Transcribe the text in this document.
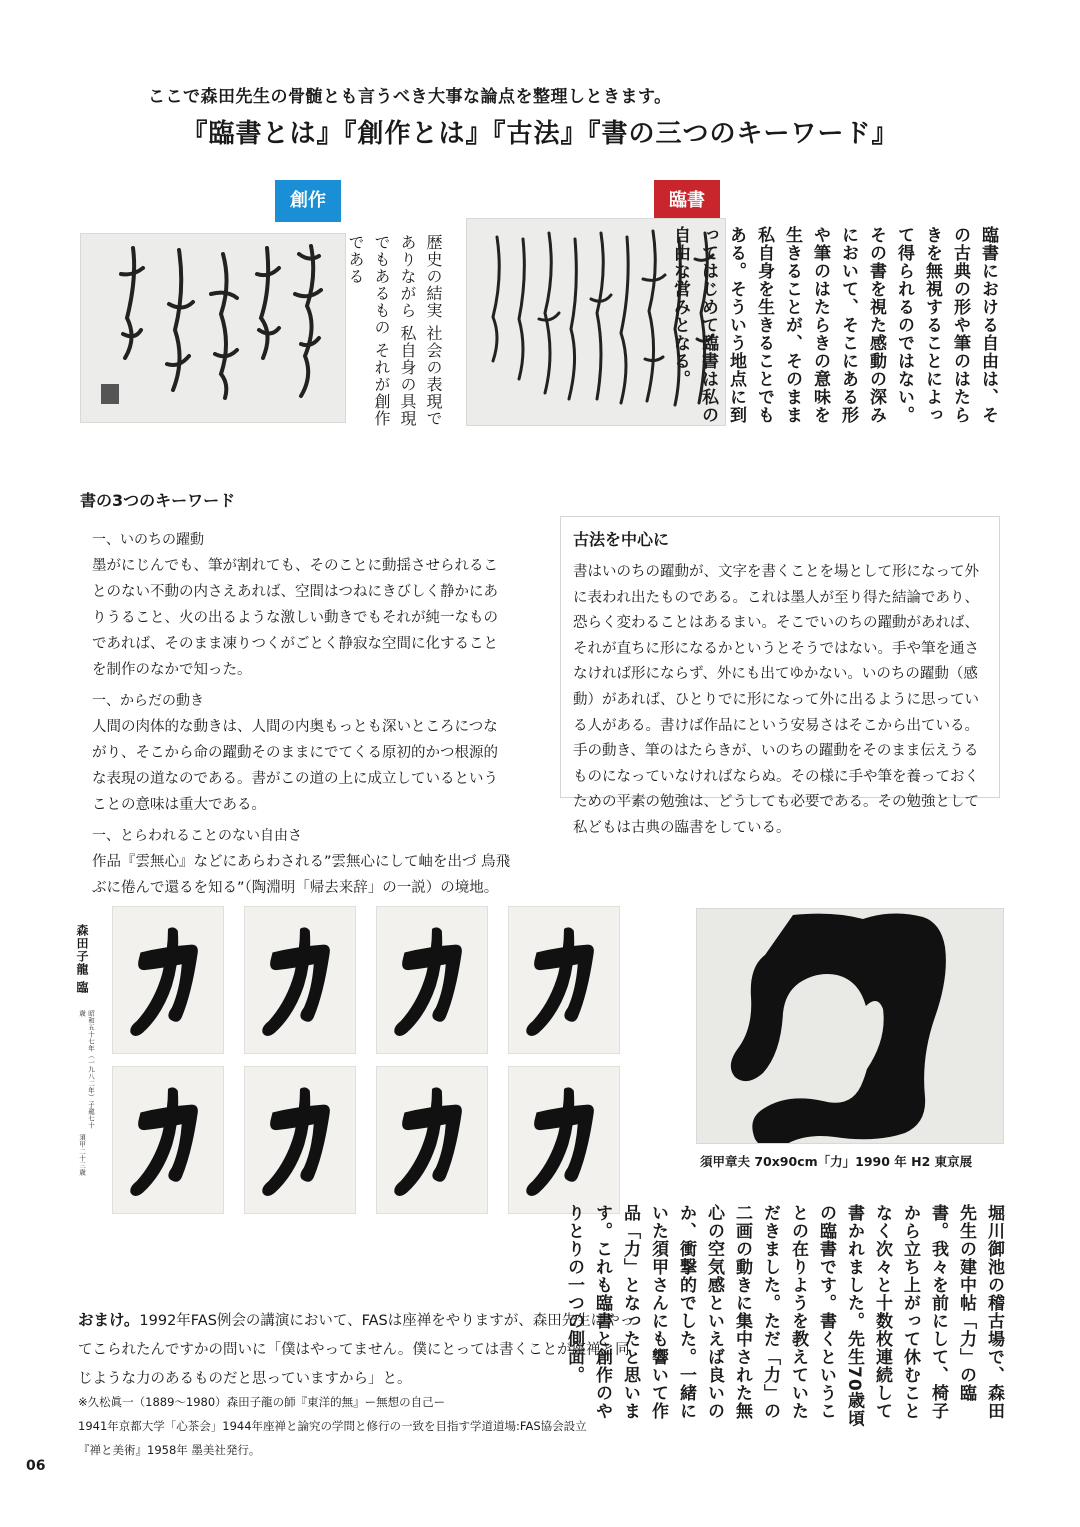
ここで森田先生の骨髄とも言うべき大事な論点を整理しときます。
『臨書とは』『創作とは』『古法』『書の三つのキーワード』
創作	臨書
歴史の結実 社会の表現でありながら 私自身の具現でもあるもの それが創作である	臨書における自由は、その古典の形や筆のはたらきを無視することによって得られるのではない。その書を視た感動の深みにおいて、そこにある形や筆のはたらきの意味を生きることが、そのまま私自身を生きることでもある。そういう地点に到ってはじめて臨書は私の自由な営みとなる。
書の3つのキーワード

一、いのちの躍動

墨がにじんでも、筆が割れても、そのことに動揺させられることのない不動の内さえあれば、空間はつねにきびしく静かにありうること、火の出るような激しい動きでもそれが純一なものであれば、そのまま凍りつくがごとく静寂な空間に化することを制作のなかで知った。

一、からだの動き

人間の肉体的な動きは、人間の内奥もっとも深いところにつながり、そこから命の躍動そのままにでてくる原初的かつ根源的な表現の道なのである。書がこの道の上に成立しているということの意味は重大である。

一、とらわれることのない自由さ

作品『雲無心』などにあらわされる”雲無心にして岫を出づ 鳥飛ぶに倦んで還るを知る”（陶淵明「帰去来辞」の一説）の境地。

古法を中心に
書はいのちの躍動が、文字を書くことを場として形になって外に表われ出たものである。これは墨人が至り得た結論であり、恐らく変わることはあるまい。そこでいのちの躍動があれば、それが直ちに形になるかというとそうではない。手や筆を通さなければ形にならず、外にも出てゆかない。いのちの躍動（感動）があれば、ひとりでに形になって外に出るように思っている人がある。書けば作品にという安易さはそこから出ている。手の動き、筆のはたらきが、いのちの躍動をそのまま伝えうるものになっていなければならぬ。その様に手や筆を養っておくための平素の勉強は、どうしても必要である。その勉強として私どもは古典の臨書をしている。
森田子龍 臨
昭和五十七年（一九八二年）子龍七十歳
須甲二十三歳	須甲章夫 70x90cm「力」1990 年 H2 東京展
堀川御池の稽古場で、森田先生の建中帖「力」の臨書。我々を前にして、椅子から立ち上がって休むことなく次々と十数枚連続して書かれました。先生70歳頃の臨書です。書くということの在りようを教えていただきました。ただ「力」の二画の動きに集中された無心の空気感といえば良いのか、衝撃的でした。一緒にいた須甲さんにも響いて作品「力」となったと思います。これも臨書と創作のやりとりの一つの側面。
おまけ。1992年FAS例会の講演において、FASは座禅をやりますが、森田先生はやってこられたんですかの問いに「僕はやってません。僕にとっては書くことが座禅と同じような力のあるものだと思っていますから」と。

※久松眞一（1889〜1980）森田子龍の師『東洋的無』ー無想の自己ー

1941年京都大学「心茶会」1944年座禅と論究の学問と修行の一致を目指す学道道場:FAS協会設立

『禅と美術』1958年 墨美社発行。

06
